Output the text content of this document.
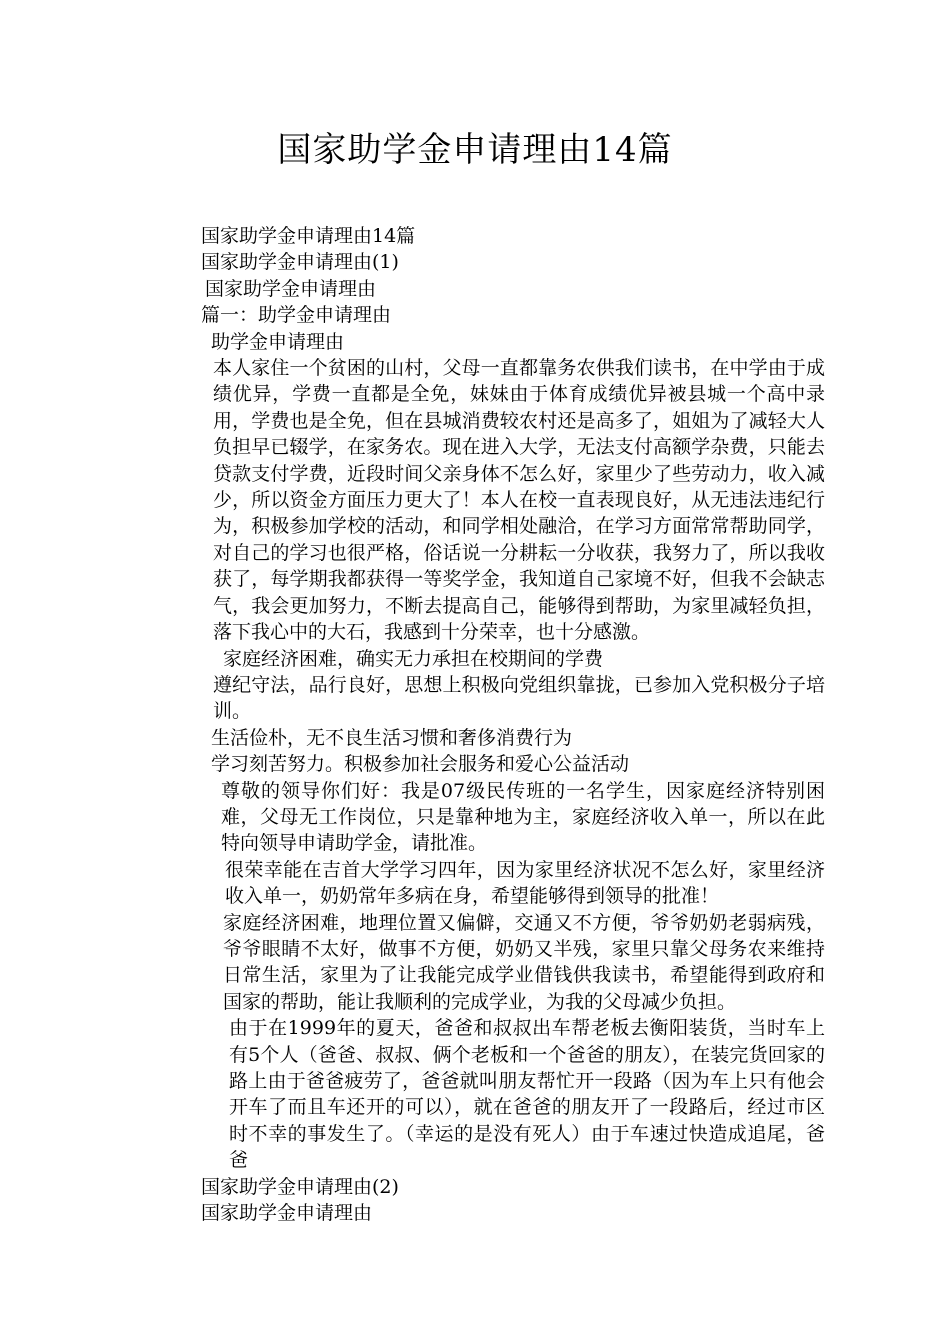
国家助学金申请理由14篇
国家助学金申请理由14篇
国家助学金申请理由(1)
国家助学金申请理由
篇一：助学金申请理由
助学金申请理由

本人家住一个贫困的山村，父母一直都靠务农供我们读书，在中学由于成绩优异，学费一直都是全免，妹妹由于体育成绩优异被县城一个高中录用，学费也是全免，但在县城消费较农村还是高多了，姐姐为了减轻大人负担早已辍学，在家务农。现在进入大学，无法支付高额学杂费，只能去贷款支付学费，近段时间父亲身体不怎么好，家里少了些劳动力，收入减少，所以资金方面压力更大了！本人在校一直表现良好，从无违法违纪行为，积极参加学校的活动，和同学相处融洽，在学习方面常常帮助同学，对自己的学习也很严格，俗话说一分耕耘一分收获，我努力了，所以我收获了，每学期我都获得一等奖学金，我知道自己家境不好，但我不会缺志气，我会更加努力，不断去提高自己，能够得到帮助，为家里减轻负担，落下我心中的大石，我感到十分荣幸，也十分感激。

家庭经济困难，确实无力承担在校期间的学费

遵纪守法，品行良好，思想上积极向党组织靠拢，已参加入党积极分子培训。

生活俭朴，无不良生活习惯和奢侈消费行为
学习刻苦努力。积极参加社会服务和爱心公益活动

尊敬的领导你们好：我是07级民传班的一名学生，因家庭经济特别困难，父母无工作岗位，只是靠种地为主，家庭经济收入单一，所以在此特向领导申请助学金，请批准。

很荣幸能在吉首大学学习四年，因为家里经济状况不怎么好，家里经济收入单一，奶奶常年多病在身，希望能够得到领导的批准！

家庭经济困难，地理位置又偏僻，交通又不方便，爷爷奶奶老弱病残，爷爷眼睛不太好，做事不方便，奶奶又半残，家里只靠父母务农来维持日常生活，家里为了让我能完成学业借钱供我读书，希望能得到政府和国家的帮助，能让我顺利的完成学业，为我的父母减少负担。

由于在1999年的夏天，爸爸和叔叔出车帮老板去衡阳装货，当时车上有5个人（爸爸、叔叔、俩个老板和一个爸爸的朋友），在装完货回家的路上由于爸爸疲劳了，爸爸就叫朋友帮忙开一段路（因为车上只有他会开车了而且车还开的可以），就在爸爸的朋友开了一段路后，经过市区时不幸的事发生了。（幸运的是没有死人）由于车速过快造成追尾，爸爸

国家助学金申请理由(2)
国家助学金申请理由
